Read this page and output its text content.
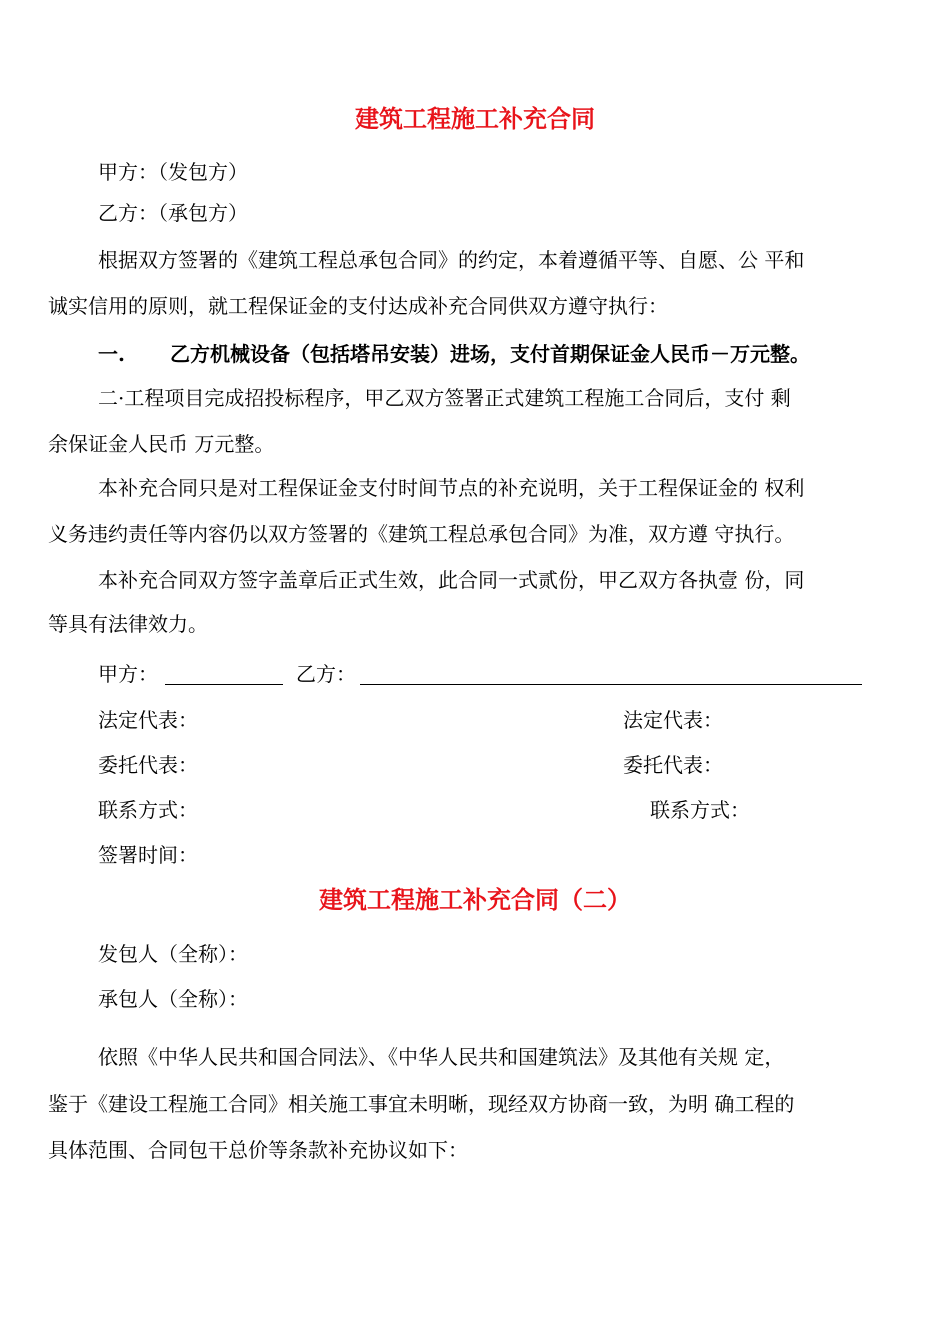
建筑工程施工补充合同

甲方：（发包方）

乙方：（承包方）

根据双方签署的《建筑工程总承包合同》的约定，本着遵循平等、自愿、公 平和

诚实信用的原则，就工程保证金的支付达成补充合同供双方遵守执行：

一. 乙方机械设备（包括塔吊安装）进场，支付首期保证金人民币－万元整。

二·工程项目完成招投标程序，甲乙双方签署正式建筑工程施工合同后，支付 剩

余保证金人民币 万元整。

本补充合同只是对工程保证金支付时间节点的补充说明，关于工程保证金的 权利

义务违约责任等内容仍以双方签署的《建筑工程总承包合同》为准，双方遵 守执行。

本补充合同双方签字盖章后正式生效，此合同一式贰份，甲乙双方各执壹 份，同

等具有法律效力。

甲方：	乙方：

法定代表：	法定代表：

委托代表：	委托代表：

联系方式：	联系方式：

签署时间：

建筑工程施工补充合同（二）

发包人（全称）：

承包人（全称）：

依照《中华人民共和国合同法》、《中华人民共和国建筑法》及其他有关规 定，

鉴于《建设工程施工合同》相关施工事宜未明晰，现经双方协商一致，为明 确工程的

具体范围、合同包干总价等条款补充协议如下：
